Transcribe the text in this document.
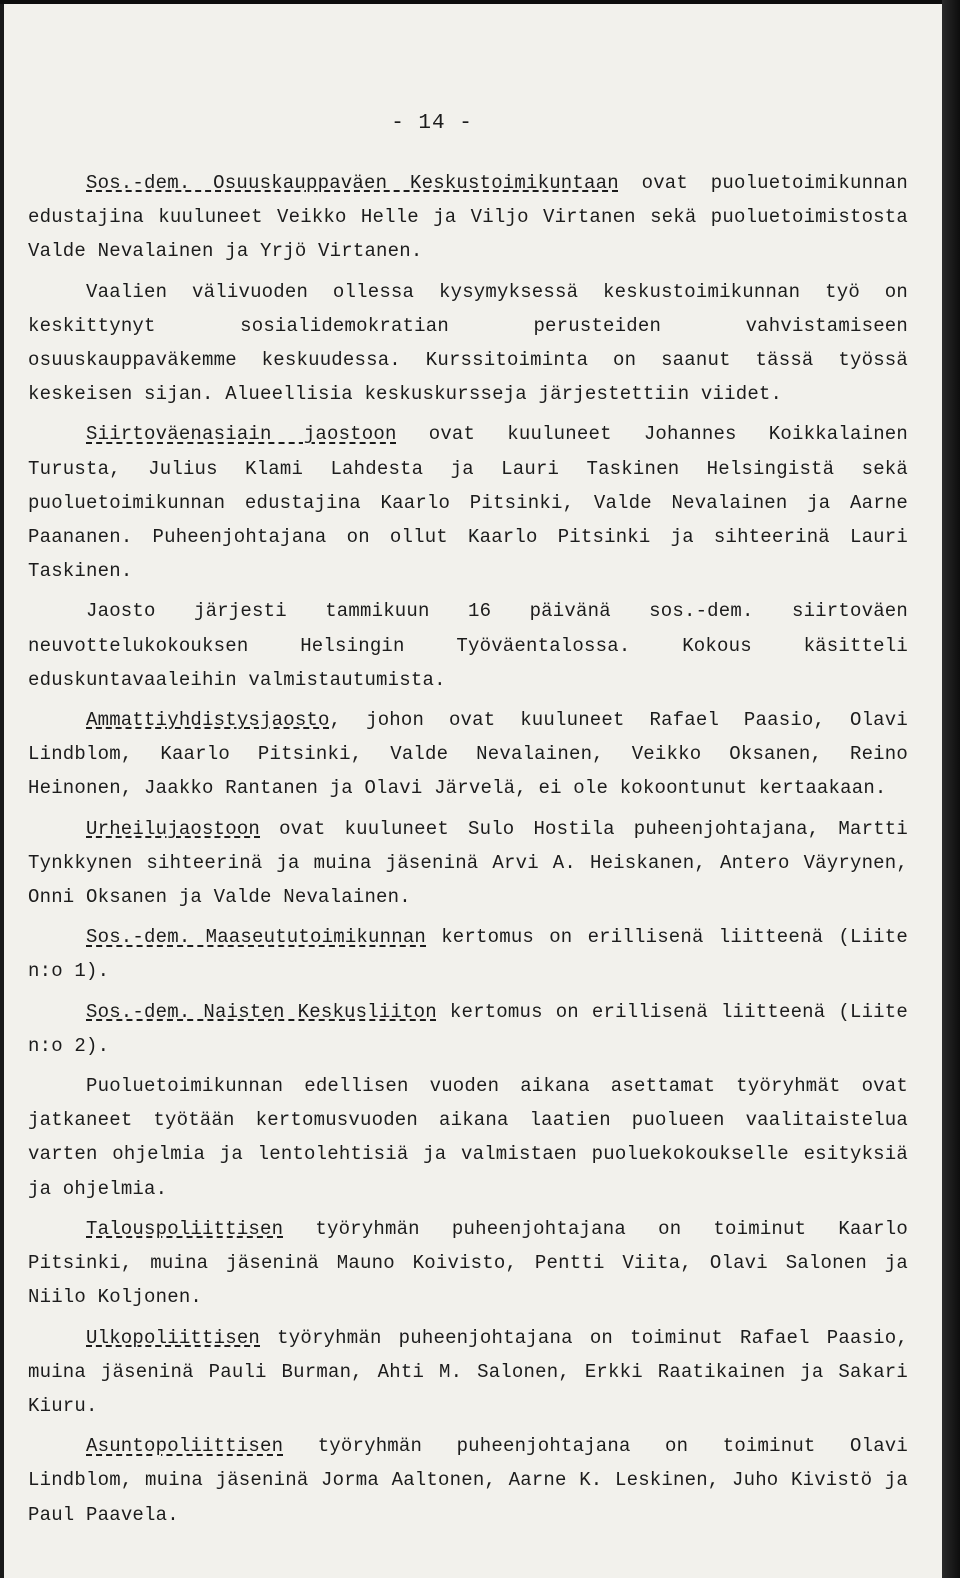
- 14 -

Sos.-dem. Osuuskauppaväen Keskustoimikuntaan ovat puoluetoimikunnan edustajina kuuluneet Veikko Helle ja Viljo Virtanen sekä puoluetoimistosta Valde Nevalainen ja Yrjö Virtanen.

Vaalien välivuoden ollessa kysymyksessä keskustoimikunnan työ on keskittynyt sosialidemokratian perusteiden vahvistamiseen osuuskauppaväkemme keskuudessa. Kurssitoiminta on saanut tässä työssä keskeisen sijan. Alueellisia keskuskursseja järjestettiin viidet.

Siirtoväenasiain jaostoon ovat kuuluneet Johannes Koikkalainen Turusta, Julius Klami Lahdesta ja Lauri Taskinen Helsingistä sekä puoluetoimikunnan edustajina Kaarlo Pitsinki, Valde Nevalainen ja Aarne Paananen. Puheenjohtajana on ollut Kaarlo Pitsinki ja sihteerinä Lauri Taskinen.

Jaosto järjesti tammikuun 16 päivänä sos.-dem. siirtoväen neuvottelukokouksen Helsingin Työväentalossa. Kokous käsitteli eduskuntavaaleihin valmistautumista.

Ammattiyhdistysjaosto, johon ovat kuuluneet Rafael Paasio, Olavi Lindblom, Kaarlo Pitsinki, Valde Nevalainen, Veikko Oksanen, Reino Heinonen, Jaakko Rantanen ja Olavi Järvelä, ei ole kokoontunut kertaakaan.

Urheilujaostoon ovat kuuluneet Sulo Hostila puheenjohtajana, Martti Tynkkynen sihteerinä ja muina jäseninä Arvi A. Heiskanen, Antero Väyrynen, Onni Oksanen ja Valde Nevalainen.

Sos.-dem. Maaseututoimikunnan kertomus on erillisenä liitteenä (Liite n:o 1).

Sos.-dem. Naisten Keskusliiton kertomus on erillisenä liitteenä (Liite n:o 2).

Puoluetoimikunnan edellisen vuoden aikana asettamat työryhmät ovat jatkaneet työtään kertomusvuoden aikana laatien puolueen vaalitaistelua varten ohjelmia ja lentolehtisiä ja valmistaen puoluekokoukselle esityksiä ja ohjelmia.

Talouspoliittisen työryhmän puheenjohtajana on toiminut Kaarlo Pitsinki, muina jäseninä Mauno Koivisto, Pentti Viita, Olavi Salonen ja Niilo Koljonen.

Ulkopoliittisen työryhmän puheenjohtajana on toiminut Rafael Paasio, muina jäseninä Pauli Burman, Ahti M. Salonen, Erkki Raatikainen ja Sakari Kiuru.

Asuntopoliittisen työryhmän puheenjohtajana on toiminut Olavi Lindblom, muina jäseninä Jorma Aaltonen, Aarne K. Leskinen, Juho Kivistö ja Paul Paavela.
